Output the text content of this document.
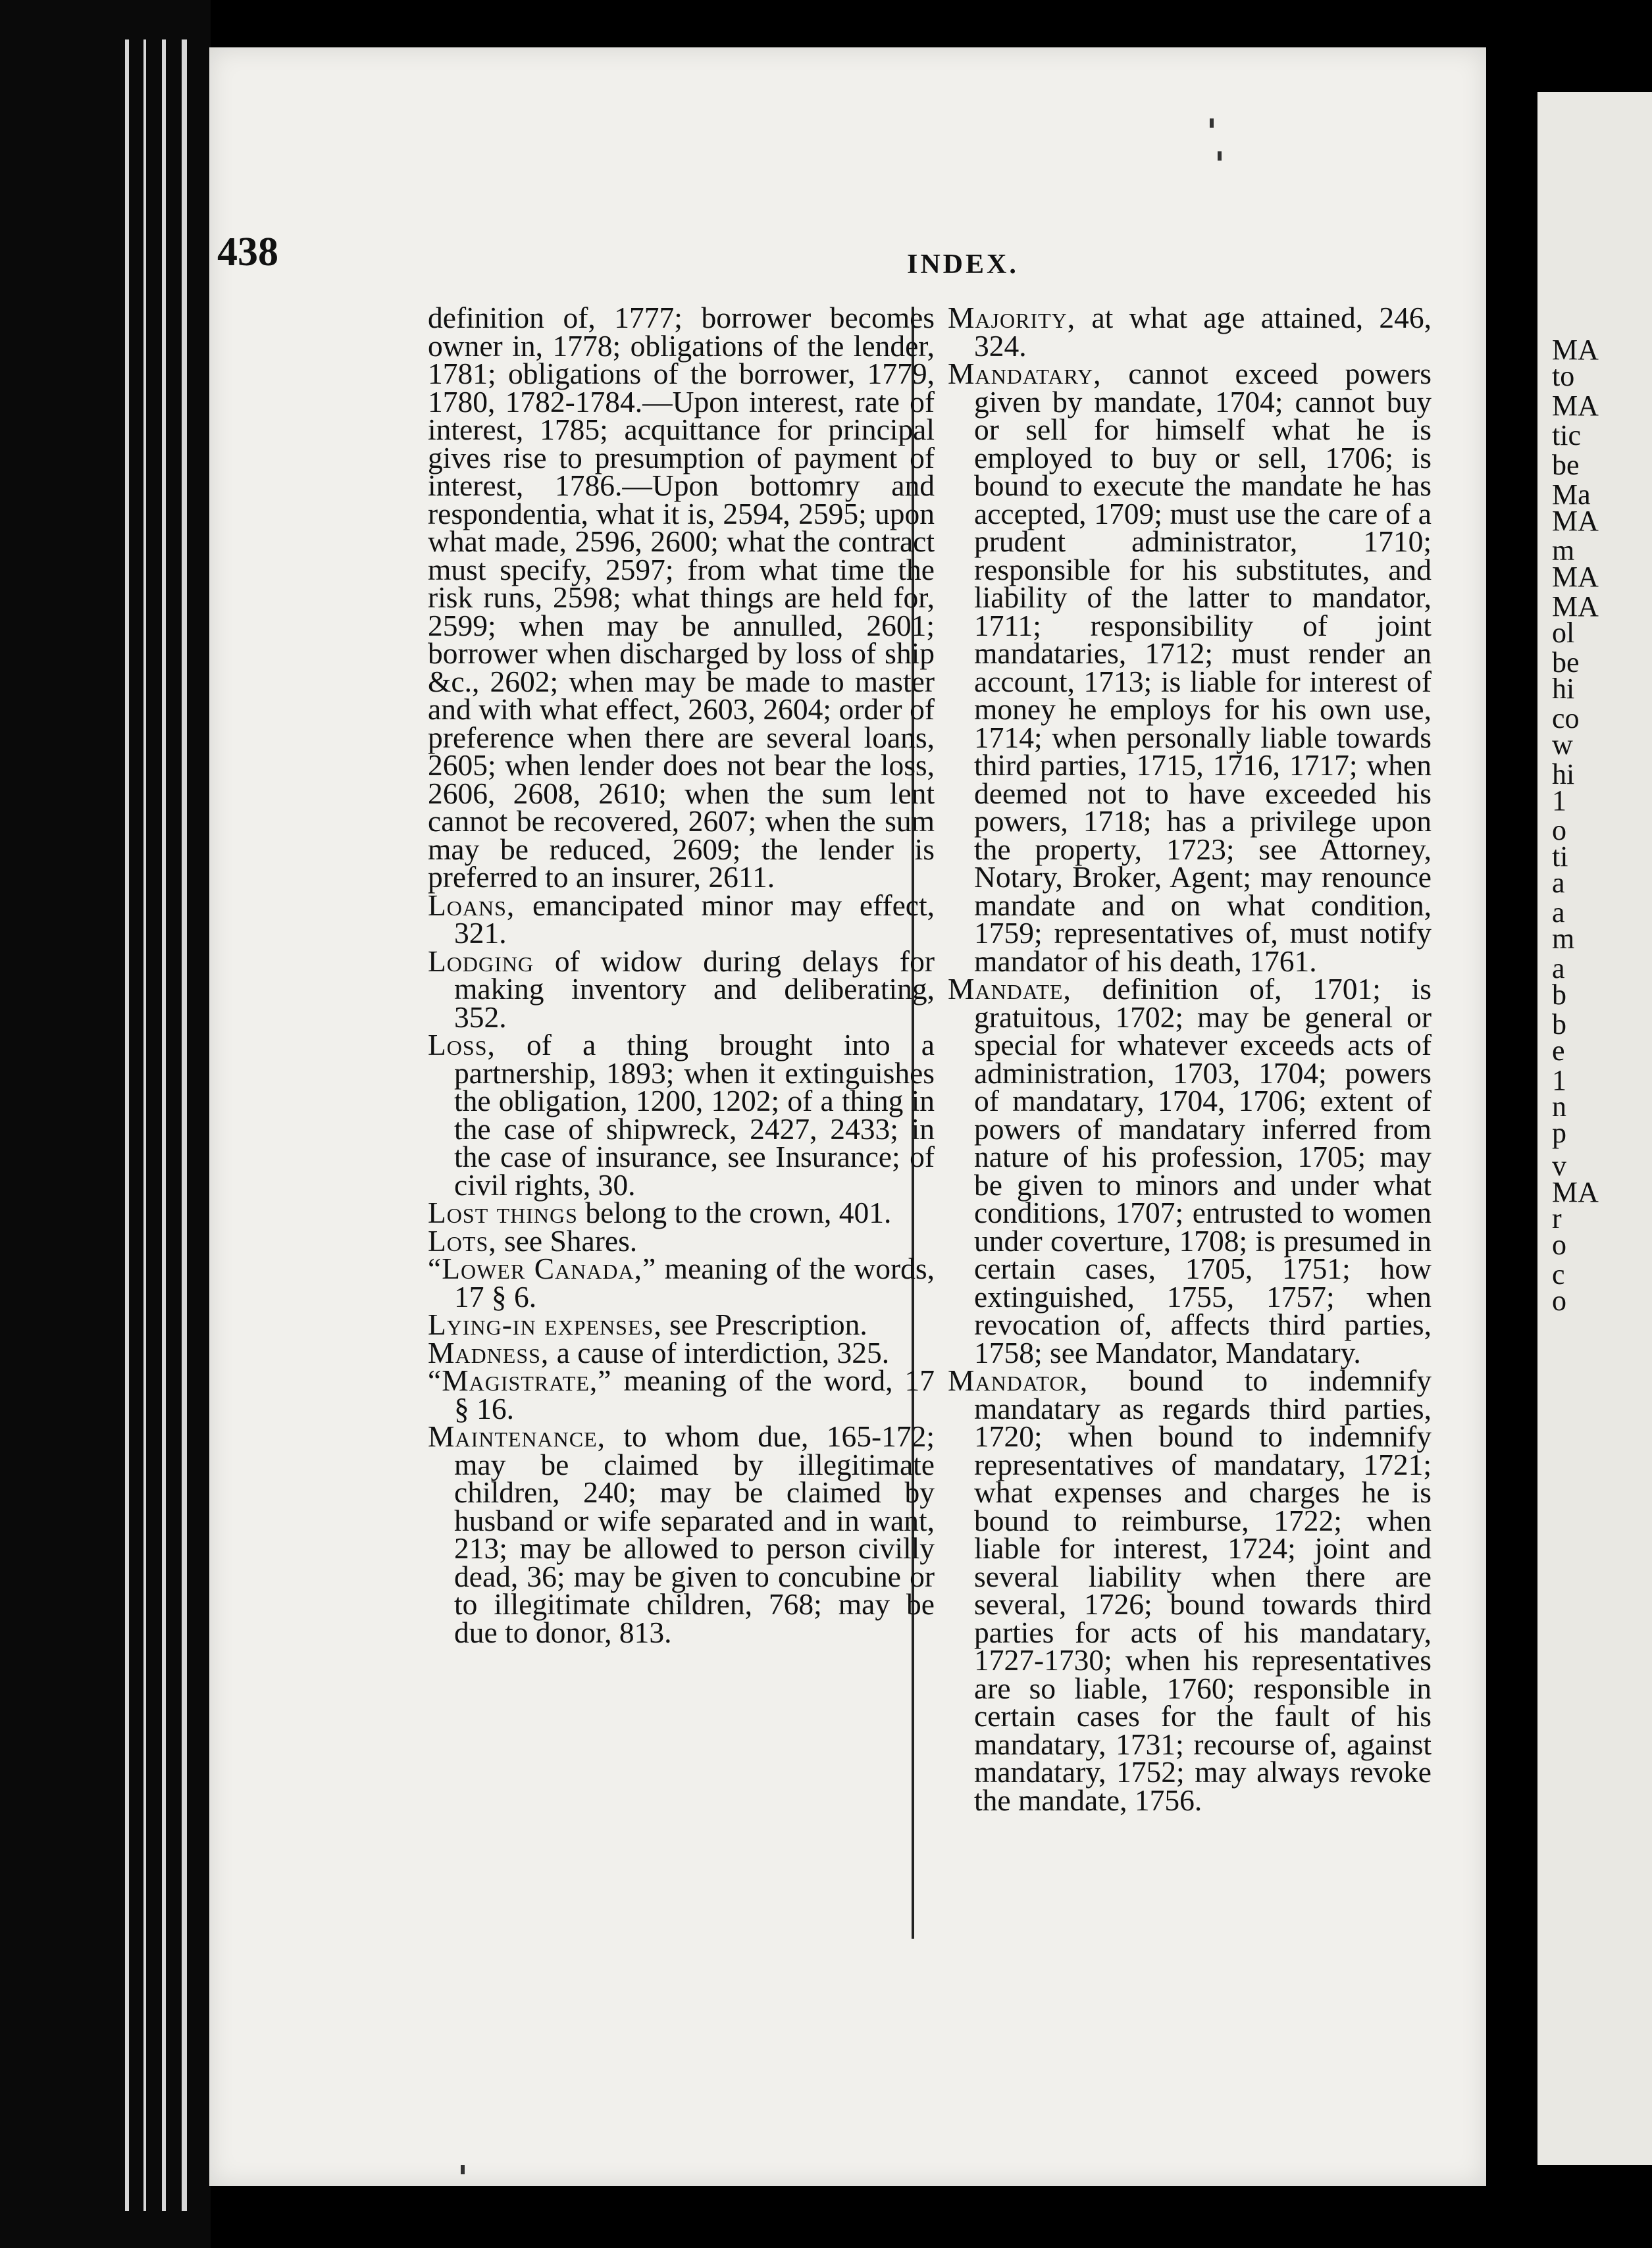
438	INDEX.
definition of, 1777; borrower becomes owner in, 1778; obligations of the lender, 1781; obligations of the borrower, 1779, 1780, 1782-1784.—Upon interest, rate of interest, 1785; acquittance for principal gives rise to presumption of payment of interest, 1786.—Upon bottomry and respondentia, what it is, 2594, 2595; upon what made, 2596, 2600; what the contract must specify, 2597; from what time the risk runs, 2598; what things are held for, 2599; when may be annulled, 2601; borrower when discharged by loss of ship &c., 2602; when may be made to master and with what effect, 2603, 2604; order of preference when there are several loans, 2605; when lender does not bear the loss, 2606, 2608, 2610; when the sum lent cannot be recovered, 2607; when the sum may be reduced, 2609; the lender is preferred to an insurer, 2611.
Loans, emancipated minor may effect, 321.
Lodging of widow during delays for making inventory and deliberating, 352.
Loss, of a thing brought into a partnership, 1893; when it extinguishes the obligation, 1200, 1202; of a thing in the case of shipwreck, 2427, 2433; in the case of insurance, see Insurance; of civil rights, 30.
Lost things belong to the crown, 401.
Lots, see Shares.
“Lower Canada,” meaning of the words, 17 § 6.
Lying-in expenses, see Prescription.
Madness, a cause of interdiction, 325.
“Magistrate,” meaning of the word, 17 § 16.
Maintenance, to whom due, 165-172; may be claimed by illegitimate children, 240; may be claimed by husband or wife separated and in want, 213; may be allowed to person civilly dead, 36; may be given to concubine or to illegitimate children, 768; may be due to donor, 813.
Majority, at what age attained, 246, 324.
Mandatary, cannot exceed powers given by mandate, 1704; cannot buy or sell for himself what he is employed to buy or sell, 1706; is bound to execute the mandate he has accepted, 1709; must use the care of a prudent administrator, 1710; responsible for his substitutes, and liability of the latter to mandator, 1711; responsibility of joint mandataries, 1712; must render an account, 1713; is liable for interest of money he employs for his own use, 1714; when personally liable towards third parties, 1715, 1716, 1717; when deemed not to have exceeded his powers, 1718; has a privilege upon the property, 1723; see Attorney, Notary, Broker, Agent; may renounce mandate and on what condition, 1759; representatives of, must notify mandator of his death, 1761.
Mandate, definition of, 1701; is gratuitous, 1702; may be general or special for whatever exceeds acts of administration, 1703, 1704; powers of mandatary, 1704, 1706; extent of powers of mandatary inferred from nature of his profession, 1705; may be given to minors and under what conditions, 1707; entrusted to women under coverture, 1708; is presumed in certain cases, 1705, 1751; how extinguished, 1755, 1757; when revocation of, affects third parties, 1758; see Mandator, Mandatary.
Mandator, bound to indemnify mandatary as regards third parties, 1720; when bound to indemnify representatives of mandatary, 1721; what expenses and charges he is bound to reimburse, 1722; when liable for interest, 1724; joint and several liability when there are several, 1726; bound towards third parties for acts of his mandatary, 1727-1730; when his representatives are so liable, 1760; responsible in certain cases for the fault of his mandatary, 1731; recourse of, against mandatary, 1752; may always revoke the mandate, 1756.
MA
to
MA
tic
be
Ma
MA
m
MA
MA
ol
be
hi
co
w
hi
1
o
ti
a
a
m
a
b
b
e
1
n
p
v
MA
r
o
c
o
